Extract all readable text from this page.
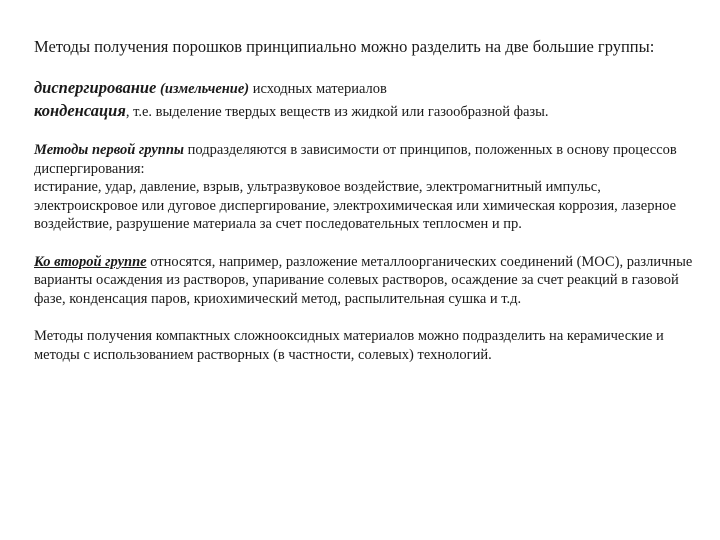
Методы получения порошков принципиально можно разделить на две большие группы:

диспергирование (измельчение) исходных материалов

конденсация, т.е. выделение твердых веществ из жидкой или газообразной фазы.

Методы первой группы подразделяются в зависимости от принципов, положенных в основу процессов диспергирования:
истирание, удар, давление, взрыв, ультразвуковое воздействие, электромагнитный импульс, электроискровое или дуговое диспергирование, электрохимическая или химическая коррозия, лазерное воздействие, разрушение материала за счет последовательных теплосмен и пр.
Ко второй группе относятся, например, разложение металлоорганических соединений (МОС), различные варианты осаждения из растворов, упаривание солевых растворов, осаждение за счет реакций в газовой фазе, конденсация паров, криохимический метод, распылительная сушка и т.д.
Методы получения компактных сложнооксидных материалов можно подразделить на керамические и методы с использованием растворных (в частности, солевых) технологий.
